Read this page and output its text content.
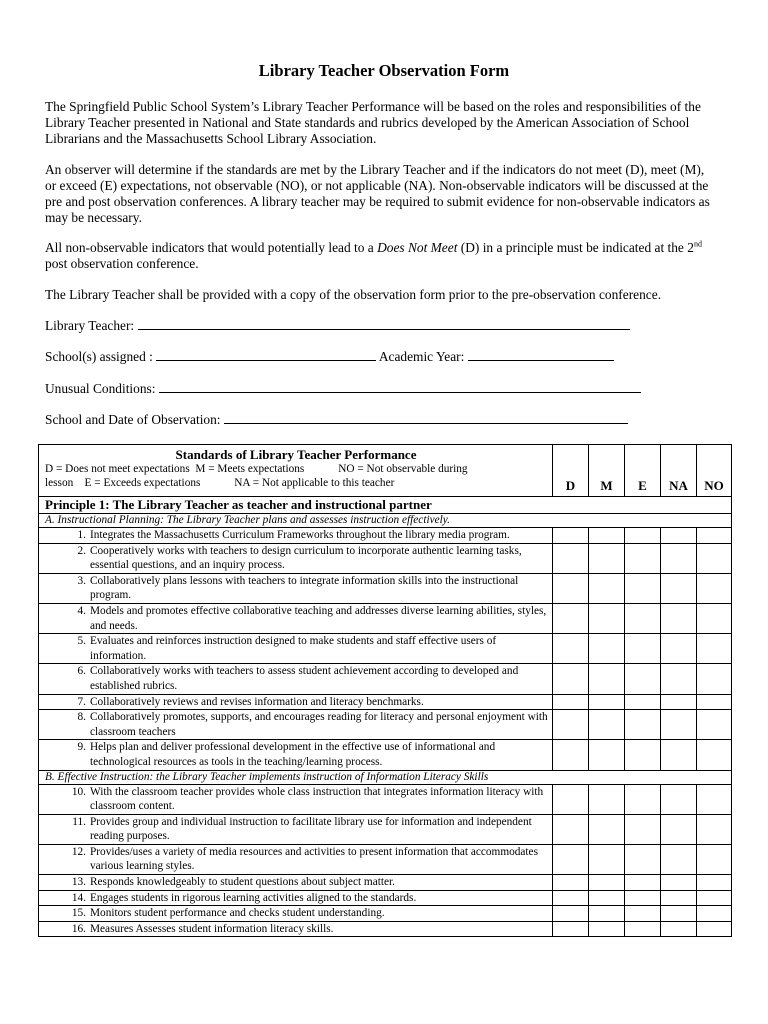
Library Teacher Observation Form
The Springfield Public School System’s Library Teacher Performance will be based on the roles and responsibilities of the Library Teacher presented in National and State standards and rubrics developed by the American Association of School Librarians and the Massachusetts School Library Association.
An observer will determine if the standards are met by the Library Teacher and if the indicators do not meet (D), meet (M), or exceed (E) expectations, not observable (NO), or not applicable (NA). Non-observable indicators will be discussed at the pre and post observation conferences. A library teacher may be required to submit evidence for non-observable indicators as may be necessary.
All non-observable indicators that would potentially lead to a Does Not Meet (D) in a principle must be indicated at the 2nd post observation conference.
The Library Teacher shall be provided with a copy of the observation form prior to the pre-observation conference.
Library Teacher:
School(s) assigned :	Academic Year:
Unusual Conditions:
School and Date of Observation:
Standards of Library Teacher Performance
D = Does not meet expectations  M = Meets expectations            NO = Not observable during
lesson    E = Exceeds expectations            NA = Not applicable to this teacher	D	M	E	NA	NO
Principle 1: The Library Teacher as teacher and instructional partner					
A. Instructional Planning: The Library Teacher plans and assesses instruction effectively.					

1. Integrates the Massachusetts Curriculum Frameworks throughout the library media program.					

2. Cooperatively works with teachers to design curriculum to incorporate authentic learning tasks, essential questions, and an inquiry process.					

3. Collaboratively plans lessons with teachers to integrate information skills into the instructional program.					

4. Models and promotes effective collaborative teaching and addresses diverse learning abilities, styles, and needs.					

5. Evaluates and reinforces instruction designed to make students and staff effective users of information.					

6. Collaboratively works with teachers to assess student achievement according to developed and established rubrics.					

7. Collaboratively reviews and revises information and literacy benchmarks.					

8. Collaboratively promotes, supports, and encourages reading for literacy and personal enjoyment with classroom teachers					

9. Helps plan and deliver professional development in the effective use of informational and technological resources as tools in the teaching/learning process.					

B. Effective Instruction: the Library Teacher implements instruction of Information Literacy Skills					

10. With the classroom teacher provides whole class instruction that integrates information literacy with classroom content.					

11. Provides group and individual instruction to facilitate library use for information and independent reading purposes.					

12. Provides/uses a variety of media resources and activities to present information that accommodates various learning styles.					

13. Responds knowledgeably to student questions about subject matter.					

14. Engages students in rigorous learning activities aligned to the standards.					

15. Monitors student performance and checks student understanding.					

16. Measures Assesses student information literacy skills.					
